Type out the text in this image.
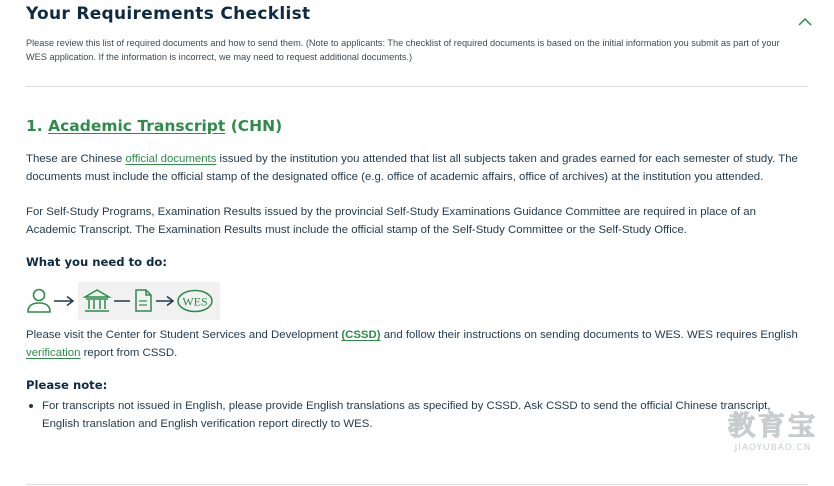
Your Requirements Checklist
Please review this list of required documents and how to send them. (Note to applicants: The checklist of required documents is based on the initial information you submit as part of your WES application. If the information is incorrect, we may need to request additional documents.)
1. Academic Transcript (CHN)

These are Chinese official documents issued by the institution you attended that list all subjects taken and grades earned for each semester of study. The documents must include the official stamp of the designated office (e.g. office of academic affairs, office of archives) at the institution you attended.

For Self-Study Programs, Examination Results issued by the provincial Self-Study Examinations Guidance Committee are required in place of an Academic Transcript. The Examination Results must include the official stamp of the Self-Study Committee or the Self-Study Office.

What you need to do:
WES

Please visit the Center for Student Services and Development (CSSD) and follow their instructions on sending documents to WES. WES requires English verification report from CSSD.

Please note:
For transcripts not issued in English, please provide English translations as specified by CSSD. Ask CSSD to send the official Chinese transcript, English translation and English verification report directly to WES.	教育宝
JIAOYUBAO.CN
